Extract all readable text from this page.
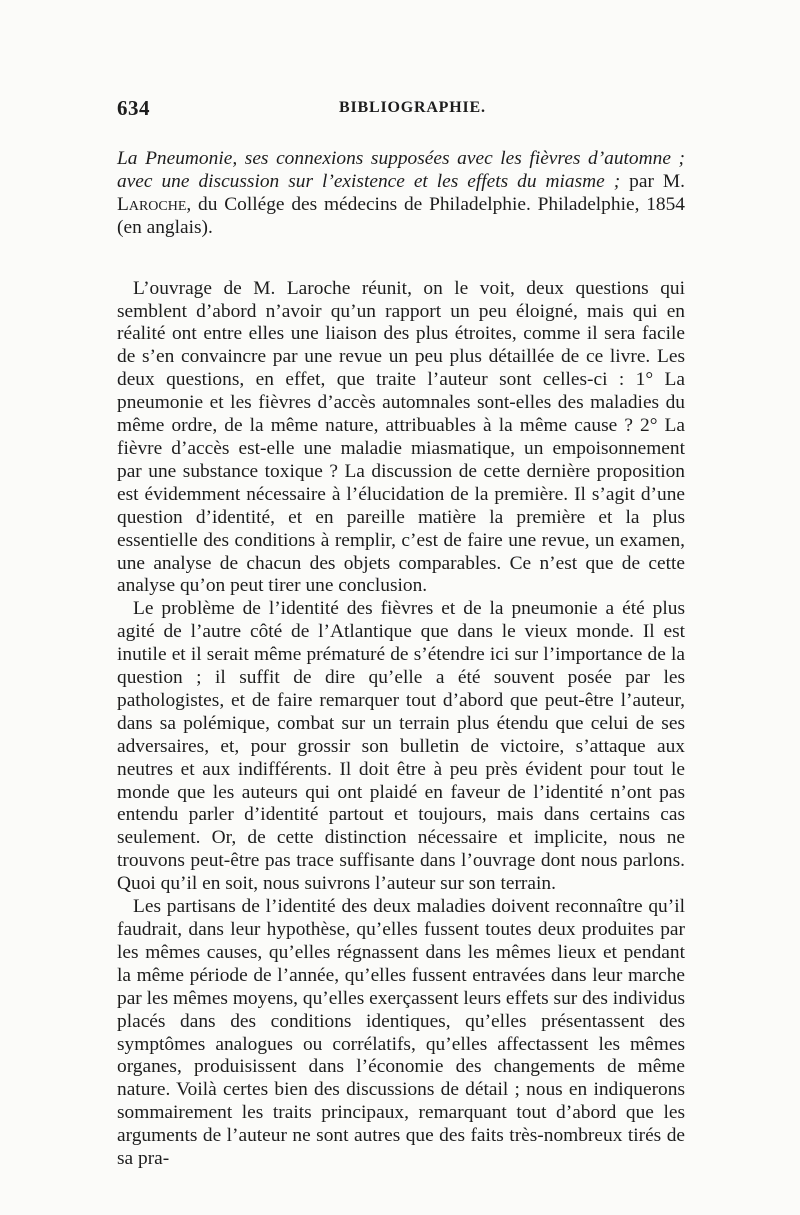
634	BIBLIOGRAPHIE.

La Pneumonie, ses connexions supposées avec les fièvres d’automne ; avec une discussion sur l’existence et les effets du miasme ; par M. Laroche, du Collége des médecins de Philadelphie. Philadelphie, 1854 (en anglais).

L’ouvrage de M. Laroche réunit, on le voit, deux questions qui semblent d’abord n’avoir qu’un rapport un peu éloigné, mais qui en réalité ont entre elles une liaison des plus étroites, comme il sera facile de s’en convaincre par une revue un peu plus détaillée de ce livre. Les deux questions, en effet, que traite l’auteur sont celles-ci : 1° La pneumonie et les fièvres d’accès automnales sont-elles des maladies du même ordre, de la même nature, attribuables à la même cause ? 2° La fièvre d’accès est-elle une maladie miasmatique, un empoisonnement par une substance toxique ? La discussion de cette dernière proposition est évidemment nécessaire à l’élucidation de la première. Il s’agit d’une question d’identité, et en pareille matière la première et la plus essentielle des conditions à remplir, c’est de faire une revue, un examen, une analyse de chacun des objets comparables. Ce n’est que de cette analyse qu’on peut tirer une conclusion.

Le problème de l’identité des fièvres et de la pneumonie a été plus agité de l’autre côté de l’Atlantique que dans le vieux monde. Il est inutile et il serait même prématuré de s’étendre ici sur l’importance de la question ; il suffit de dire qu’elle a été souvent posée par les pathologistes, et de faire remarquer tout d’abord que peut-être l’auteur, dans sa polémique, combat sur un terrain plus étendu que celui de ses adversaires, et, pour grossir son bulletin de victoire, s’attaque aux neutres et aux indifférents. Il doit être à peu près évident pour tout le monde que les auteurs qui ont plaidé en faveur de l’identité n’ont pas entendu parler d’identité partout et toujours, mais dans certains cas seulement. Or, de cette distinction nécessaire et implicite, nous ne trouvons peut-être pas trace suffisante dans l’ouvrage dont nous parlons. Quoi qu’il en soit, nous suivrons l’auteur sur son terrain.

Les partisans de l’identité des deux maladies doivent reconnaître qu’il faudrait, dans leur hypothèse, qu’elles fussent toutes deux produites par les mêmes causes, qu’elles régnassent dans les mêmes lieux et pendant la même période de l’année, qu’elles fussent entravées dans leur marche par les mêmes moyens, qu’elles exerçassent leurs effets sur des individus placés dans des conditions identiques, qu’elles présentassent des symptômes analogues ou corrélatifs, qu’elles affectassent les mêmes organes, produisissent dans l’économie des changements de même nature. Voilà certes bien des discussions de détail ; nous en indiquerons sommairement les traits principaux, remarquant tout d’abord que les arguments de l’auteur ne sont autres que des faits très-nombreux tirés de sa pra-
